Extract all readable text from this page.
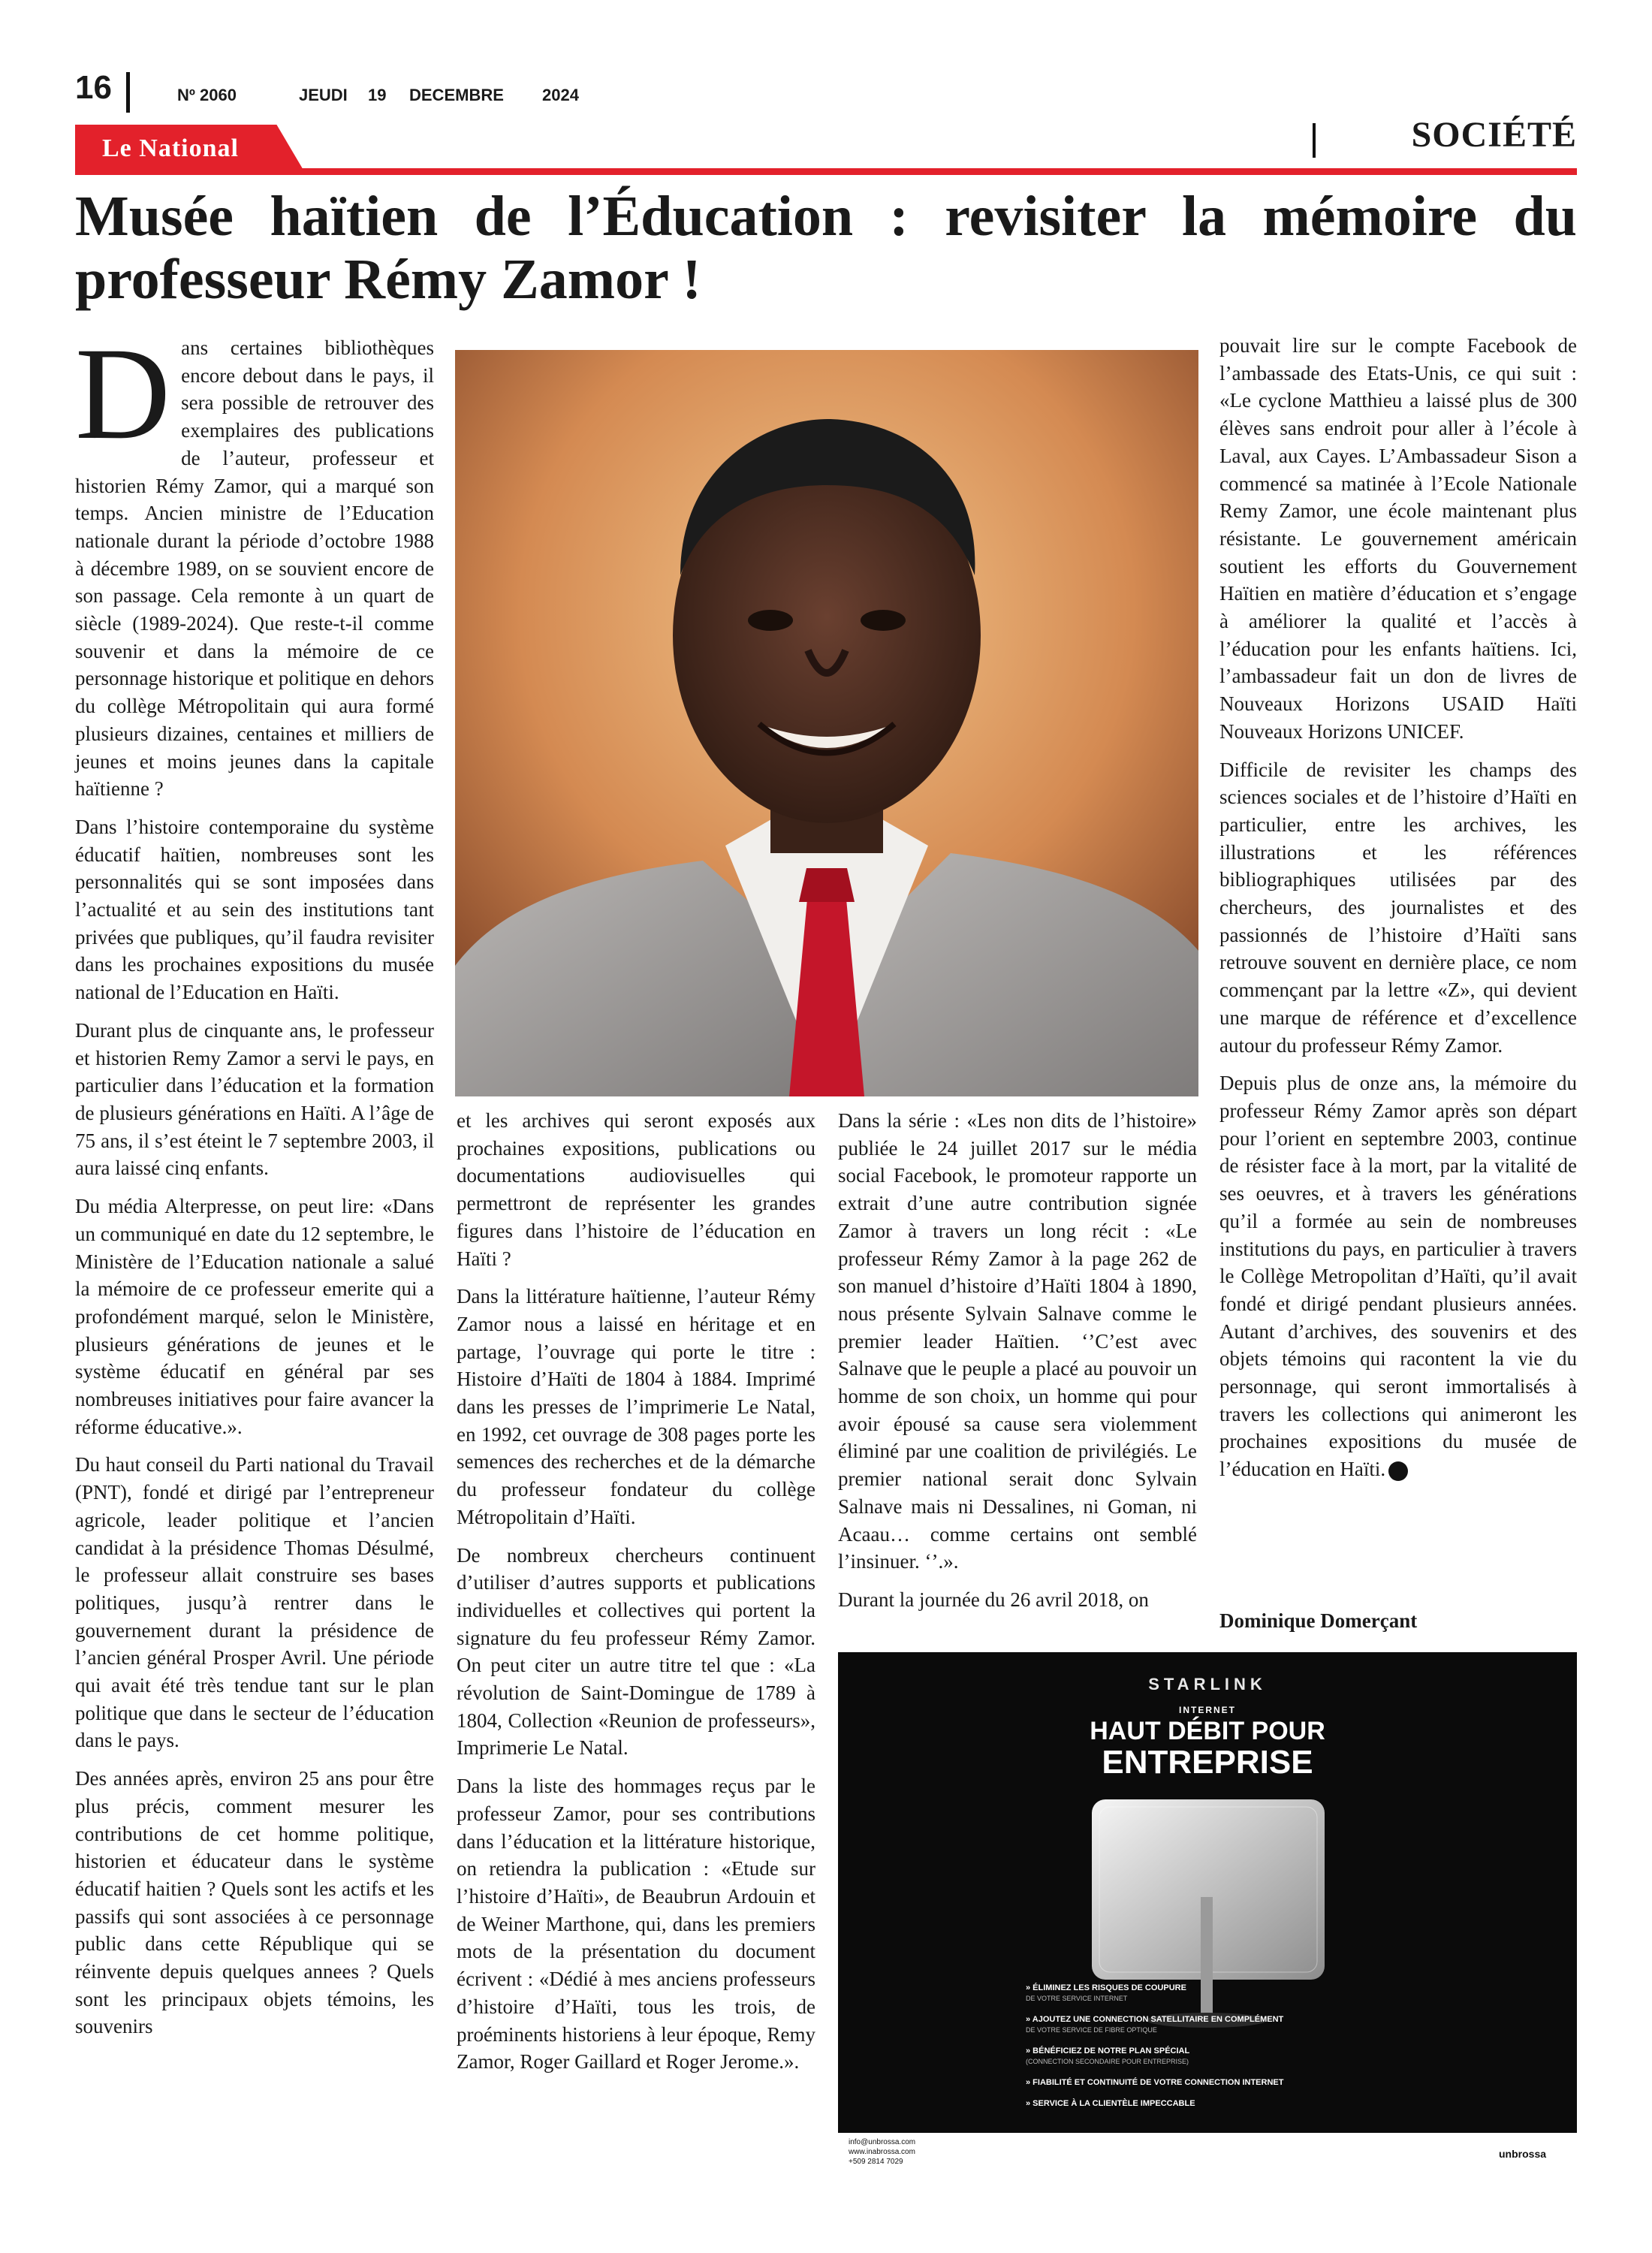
16	Nº 2060	JEUDI 19 DECEMBRE 2024
Le National	SOCIÉTÉ
Musée haïtien de l’Éducation : revisiter la mémoire du professeur Rémy Zamor !

Dans certaines bibliothèques encore debout dans le pays, il sera possible de retrouver des exemplaires des publications de l’auteur, professeur et historien Rémy Zamor, qui a marqué son temps. Ancien ministre de l’Education nationale durant la période d’octobre 1988 à décembre 1989, on se souvient encore de son passage. Cela remonte à un quart de siècle (1989-2024). Que reste-t-il comme souvenir et dans la mémoire de ce personnage historique et politique en dehors du collège Métropolitain qui aura formé plusieurs dizaines, centaines et milliers de jeunes et moins jeunes dans la capitale haïtienne ?

Dans l’histoire contemporaine du système éducatif haïtien, nombreuses sont les personnalités qui se sont imposées dans l’actualité et au sein des institutions tant privées que publiques, qu’il faudra revisiter dans les prochaines expositions du musée national de l’Education en Haïti.

Durant plus de cinquante ans, le professeur et historien Remy Zamor a servi le pays, en particulier dans l’éducation et la formation de plusieurs générations en Haïti. A l’âge de 75 ans, il s’est éteint le 7 septembre 2003, il aura laissé cinq enfants.

Du média Alterpresse, on peut lire: «Dans un communiqué en date du 12 septembre, le Ministère de l’Education nationale a salué la mémoire de ce professeur emerite qui a profondément marqué, selon le Ministère, plusieurs générations de jeunes et le système éducatif en général par ses nombreuses initiatives pour faire avancer la réforme éducative.».

Du haut conseil du Parti national du Travail (PNT), fondé et dirigé par l’entrepreneur agricole, leader politique et l’ancien candidat à la présidence Thomas Désulmé, le professeur allait construire ses bases politiques, jusqu’à rentrer dans le gouvernement durant la présidence de l’ancien général Prosper Avril. Une période qui avait été très tendue tant sur le plan politique que dans le secteur de l’éducation dans le pays.

Des années après, environ 25 ans pour être plus précis, comment mesurer les contributions de cet homme politique, historien et éducateur dans le système éducatif haitien ? Quels sont les actifs et les passifs qui sont associées à ce personnage public dans cette République qui se réinvente depuis quelques annees ? Quels sont les principaux objets témoins, les souvenirs

et les archives qui seront exposés aux prochaines expositions, publications ou documentations audiovisuelles qui permettront de représenter les grandes figures dans l’histoire de l’éducation en Haïti ?

Dans la littérature haïtienne, l’auteur Rémy Zamor nous a laissé en héritage et en partage, l’ouvrage qui porte le titre : Histoire d’Haïti de 1804 à 1884. Imprimé dans les presses de l’imprimerie Le Natal, en 1992, cet ouvrage de 308 pages porte les semences des recherches et de la démarche du professeur fondateur du collège Métropolitain d’Haïti.

De nombreux chercheurs continuent d’utiliser d’autres supports et publications individuelles et collectives qui portent la signature du feu professeur Rémy Zamor. On peut citer un autre titre tel que : «La révolution de Saint-Domingue de 1789 à 1804, Collection «Reunion de professeurs», Imprimerie Le Natal.

Dans la liste des hommages reçus par le professeur Zamor, pour ses contributions dans l’éducation et la littérature historique, on retiendra la publication : «Etude sur l’histoire d’Haïti», de Beaubrun Ardouin et de Weiner Marthone, qui, dans les premiers mots de la présentation du document écrivent : «Dédié à mes anciens professeurs d’histoire d’Haïti, tous les trois, de proéminents historiens à leur époque, Remy Zamor, Roger Gaillard et Roger Jerome.».

Dans la série : «Les non dits de l’histoire» publiée le 24 juillet 2017 sur le média social Facebook, le promoteur rapporte un extrait d’une autre contribution signée Zamor à travers un long récit : «Le professeur Rémy Zamor à la page 262 de son manuel d’histoire d’Haïti 1804 à 1890, nous présente Sylvain Salnave comme le premier leader Haïtien. ‘’C’est avec Salnave que le peuple a placé au pouvoir un homme de son choix, un homme qui pour avoir épousé sa cause sera violemment éliminé par une coalition de privilégiés. Le premier national serait donc Sylvain Salnave mais ni Dessalines, ni Goman, ni Acaau… comme certains ont semblé l’insinuer. ‘’.».

Durant la journée du 26 avril 2018, on

pouvait lire sur le compte Facebook de l’ambassade des Etats-Unis, ce qui suit : «Le cyclone Matthieu a laissé plus de 300 élèves sans endroit pour aller à l’école à Laval, aux Cayes. L’Ambassadeur Sison a commencé sa matinée à l’Ecole Nationale Remy Zamor, une école maintenant plus résistante. Le gouvernement américain soutient les efforts du Gouvernement Haïtien en matière d’éducation et s’engage à améliorer la qualité et l’accès à l’éducation pour les enfants haïtiens. Ici, l’ambassadeur fait un don de livres de Nouveaux Horizons USAID Haïti Nouveaux Horizons UNICEF.

Difficile de revisiter les champs des sciences sociales et de l’histoire d’Haïti en particulier, entre les archives, les illustrations et les références bibliographiques utilisées par des chercheurs, des journalistes et des passionnés de l’histoire d’Haïti sans retrouve souvent en dernière place, ce nom commençant par la lettre «Z», qui devient une marque de référence et d’excellence autour du professeur Rémy Zamor.

Depuis plus de onze ans, la mémoire du professeur Rémy Zamor après son départ pour l’orient en septembre 2003, continue de résister face à la mort, par la vitalité de ses oeuvres, et à travers les générations qu’il a formée au sein de nombreuses institutions du pays, en particulier à travers le Collège Metropolitan d’Haïti, qu’il avait fondé et dirigé pendant plusieurs années. Autant d’archives, des souvenirs et des objets témoins qui racontent la vie du personnage, qui seront immortalisés à travers les collections qui animeront les prochaines expositions du musée de l’éducation en Haïti.

Dominique Domerçant
STARLINK
INTERNET
HAUT DÉBIT POUR
ENTREPRISE
» ÉLIMINEZ LES RISQUES DE COUPURE
DE VOTRE SERVICE INTERNET
» AJOUTEZ UNE CONNECTION SATELLITAIRE EN COMPLÉMENT
DE VOTRE SERVICE DE FIBRE OPTIQUE
» BÉNÉFICIEZ DE NOTRE PLAN SPÉCIAL
(CONNECTION SECONDAIRE POUR ENTREPRISE)
» FIABILITÉ ET CONTINUITÉ DE VOTRE CONNECTION INTERNET
» SERVICE À LA CLIENTÈLE IMPECCABLE
info@unbrossa.com
www.inabrossa.com
+509 2814 7029
unbrossa
